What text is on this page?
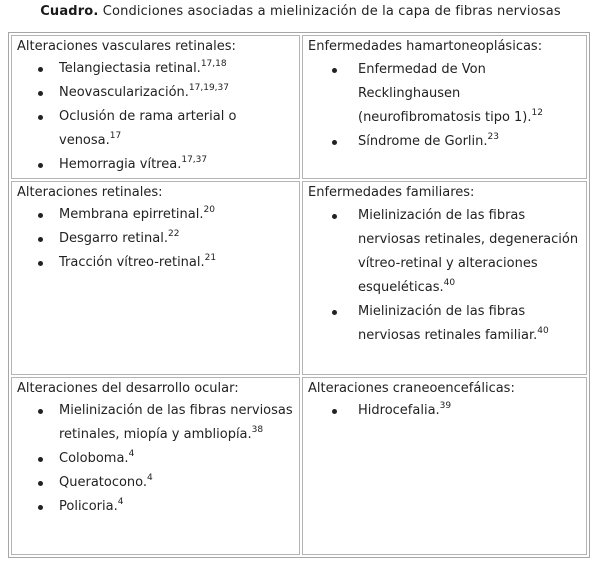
Cuadro. Condiciones asociadas a mielinización de la capa de fibras nerviosas
Alteraciones vasculares retinales:
Telangiectasia retinal.$^{17,18}$
Neovascularización.$^{17,19,37}$
Oclusión de rama arterial o venosa.$^{17}$
Hemorragia vítrea.$^{17,37}$
Enfermedades hamartoneoplásicas:
Enfermedad de Von Recklinghausen (neurofibromatosis tipo 1).$^{12}$
Síndrome de Gorlin.$^{23}$
Alteraciones retinales:
Membrana epirretinal.$^{20}$
Desgarro retinal.$^{22}$
Tracción vítreo-retinal.$^{21}$
Enfermedades familiares:
Mielinización de las fibras nerviosas retinales, degeneración vítreo-retinal y alteraciones esqueléticas.$^{40}$
Mielinización de las fibras nerviosas retinales familiar.$^{40}$
Alteraciones del desarrollo ocular:
Mielinización de las fibras nerviosas retinales, miopía y ambliopía.$^{38}$
Coloboma.$^4$
Queratocono.$^4$
Policoria.$^4$
Alteraciones craneoencefálicas:
Hidrocefalia.$^{39}$
